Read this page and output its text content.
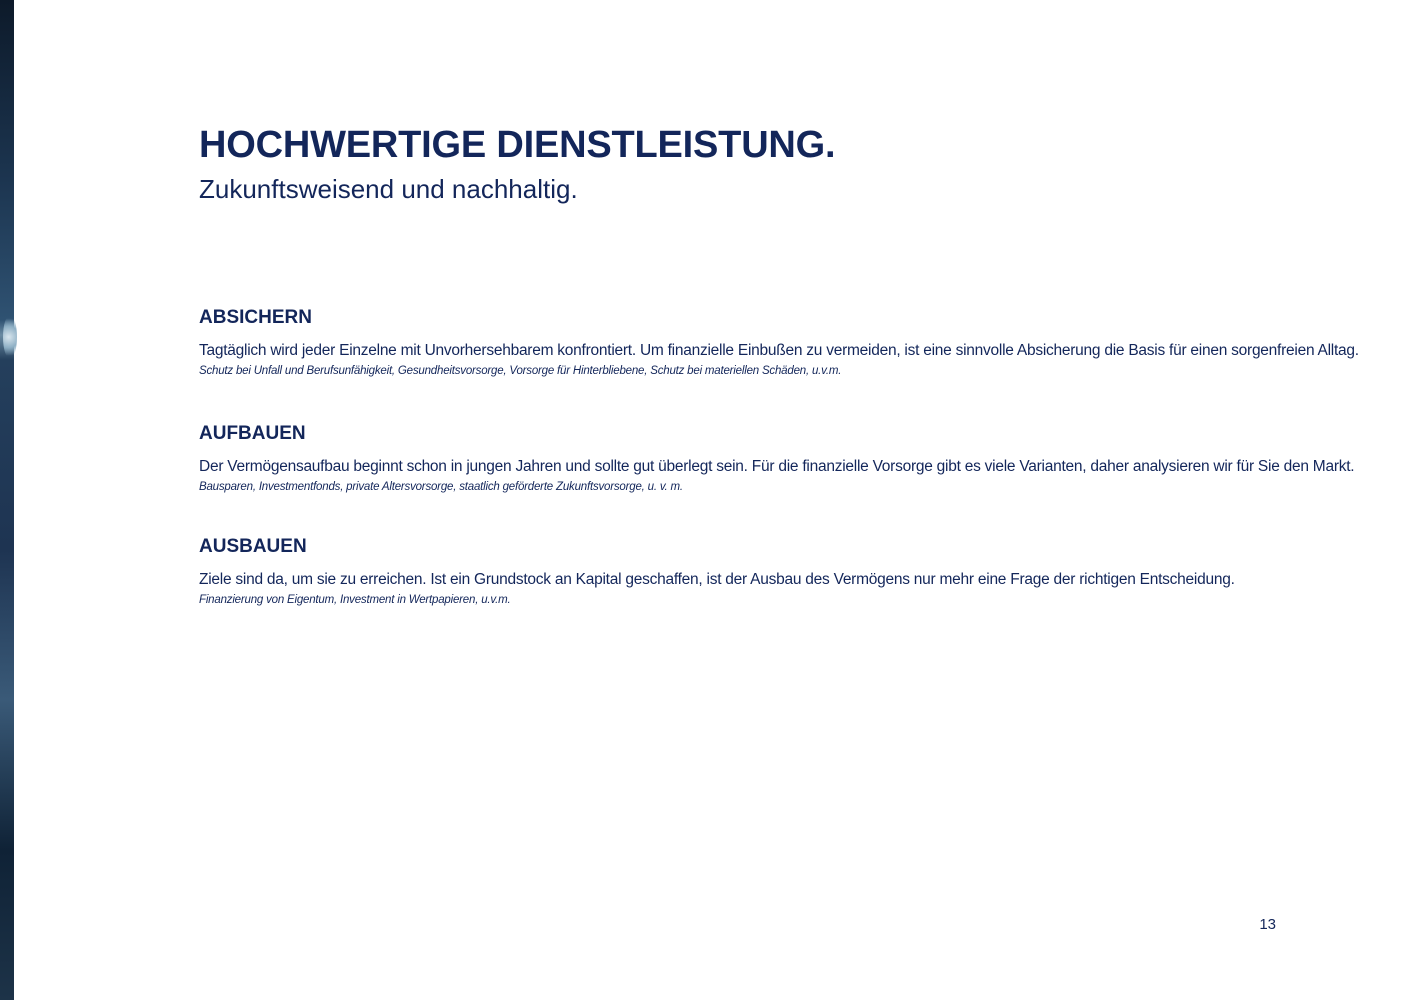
HOCHWERTIGE DIENSTLEISTUNG.
Zukunftsweisend und nachhaltig.
ABSICHERN

Tagtäglich wird jeder Einzelne mit Unvorhersehbarem konfrontiert. Um finanzielle Einbußen zu vermeiden, ist eine sinnvolle Absicherung die Basis für einen sorgenfreien Alltag.

Schutz bei Unfall und Berufsunfähigkeit, Gesundheitsvorsorge, Vorsorge für Hinterbliebene, Schutz bei materiellen Schäden, u.v.m.

AUFBAUEN

Der Vermögensaufbau beginnt schon in jungen Jahren und sollte gut überlegt sein. Für die finanzielle Vorsorge gibt es viele Varianten, daher analysieren wir für Sie den Markt.

Bausparen, Investmentfonds, private Altersvorsorge, staatlich geförderte Zukunftsvorsorge, u. v. m.

AUSBAUEN

Ziele sind da, um sie zu erreichen. Ist ein Grundstock an Kapital geschaffen, ist der Ausbau des Vermögens nur mehr eine Frage der richtigen Entscheidung.

Finanzierung von Eigentum, Investment in Wertpapieren, u.v.m.

13
